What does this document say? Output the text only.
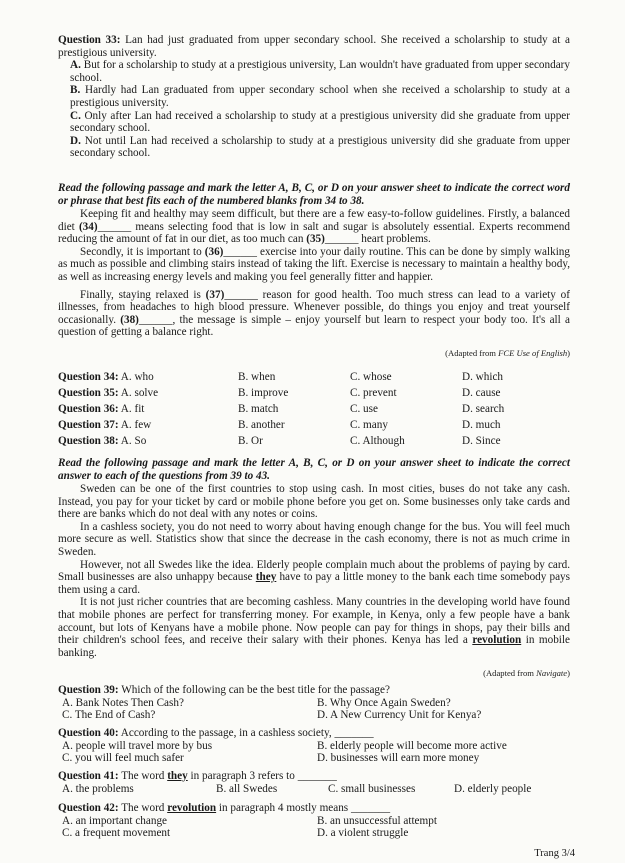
Question 33: Lan had just graduated from upper secondary school. She received a scholarship to study at a prestigious university.

A. But for a scholarship to study at a prestigious university, Lan wouldn't have graduated from upper secondary school.

B. Hardly had Lan graduated from upper secondary school when she received a scholarship to study at a prestigious university.

C. Only after Lan had received a scholarship to study at a prestigious university did she graduate from upper secondary school.

D. Not until Lan had received a scholarship to study at a prestigious university did she graduate from upper secondary school.

Read the following passage and mark the letter A, B, C, or D on your answer sheet to indicate the correct word or phrase that best fits each of the numbered blanks from 34 to 38.

Keeping fit and healthy may seem difficult, but there are a few easy-to-follow guidelines. Firstly, a balanced diet (34)______ means selecting food that is low in salt and sugar is absolutely essential. Experts recommend reducing the amount of fat in our diet, as too much can (35)______ heart problems.

Secondly, it is important to (36)______ exercise into your daily routine. This can be done by simply walking as much as possible and climbing stairs instead of taking the lift. Exercise is necessary to maintain a healthy body, as well as increasing energy levels and making you feel generally fitter and happier.

Finally, staying relaxed is (37)______ reason for good health. Too much stress can lead to a variety of illnesses, from headaches to high blood pressure. Whenever possible, do things you enjoy and treat yourself occasionally. (38)______, the message is simple – enjoy yourself but learn to respect your body too. It's all a question of getting a balance right.

(Adapted from FCE Use of English)

Question 34: A. who	B. when	C. whose	D. which
Question 35: A. solve	B. improve	C. prevent	D. cause
Question 36: A. fit	B. match	C. use	D. search
Question 37: A. few	B. another	C. many	D. much
Question 38: A. So	B. Or	C. Although	D. Since

Read the following passage and mark the letter A, B, C, or D on your answer sheet to indicate the correct answer to each of the questions from 39 to 43.

Sweden can be one of the first countries to stop using cash. In most cities, buses do not take any cash. Instead, you pay for your ticket by card or mobile phone before you get on. Some businesses only take cards and there are banks which do not deal with any notes or coins.

In a cashless society, you do not need to worry about having enough change for the bus. You will feel much more secure as well. Statistics show that since the decrease in the cash economy, there is not as much crime in Sweden.

However, not all Swedes like the idea. Elderly people complain much about the problems of paying by card. Small businesses are also unhappy because they have to pay a little money to the bank each time somebody pays them using a card.

It is not just richer countries that are becoming cashless. Many countries in the developing world have found that mobile phones are perfect for transferring money. For example, in Kenya, only a few people have a bank account, but lots of Kenyans have a mobile phone. Now people can pay for things in shops, pay their bills and their children's school fees, and receive their salary with their phones. Kenya has led a revolution in mobile banking.

(Adapted from Navigate)

Question 39: Which of the following can be the best title for the passage?

A. Bank Notes Then Cash?	B. Why Once Again Sweden?
C. The End of Cash?	D. A New Currency Unit for Kenya?

Question 40: According to the passage, in a cashless society, _______

A. people will travel more by bus	B. elderly people will become more active
C. you will feel much safer	D. businesses will earn more money

Question 41: The word they in paragraph 3 refers to _______

A. the problems	B. all Swedes	C. small businesses	D. elderly people

Question 42: The word revolution in paragraph 4 mostly means _______

A. an important change	B. an unsuccessful attempt
C. a frequent movement	D. a violent struggle
Trang 3/4
